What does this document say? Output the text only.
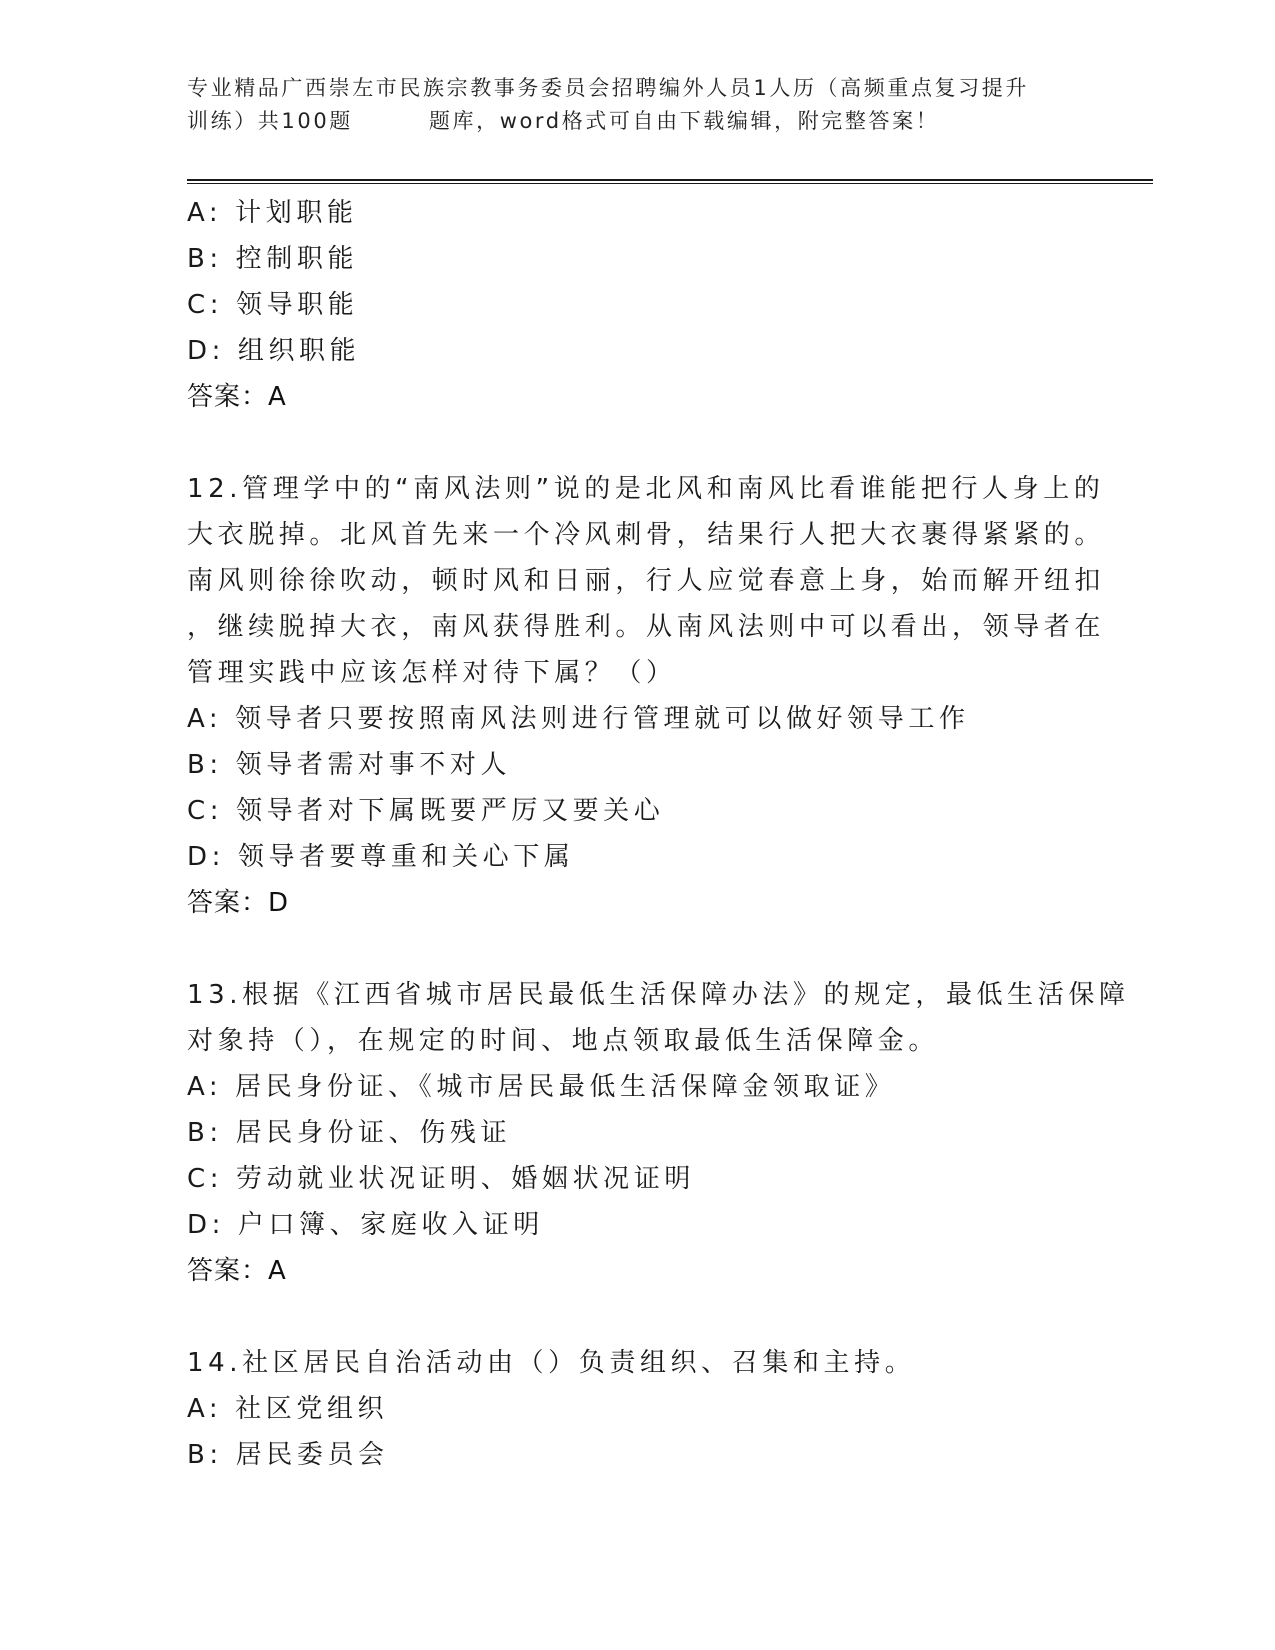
专业精品广西崇左市民族宗教事务委员会招聘编外人员1人历（高频重点复习提升
训练）共100题	题库，word格式可自由下载编辑，附完整答案！
A: 计划职能
B: 控制职能
C: 领导职能
D: 组织职能
答案：A
12.管理学中的“南风法则”说的是北风和南风比看谁能把行人身上的
大衣脱掉。北风首先来一个冷风刺骨，结果行人把大衣裹得紧紧的。
南风则徐徐吹动，顿时风和日丽，行人应觉春意上身，始而解开纽扣
，继续脱掉大衣，南风获得胜利。从南风法则中可以看出，领导者在
管理实践中应该怎样对待下属？（）
A: 领导者只要按照南风法则进行管理就可以做好领导工作
B: 领导者需对事不对人
C: 领导者对下属既要严厉又要关心
D: 领导者要尊重和关心下属
答案：D
13.根据《江西省城市居民最低生活保障办法》的规定，最低生活保障
对象持（），在规定的时间、地点领取最低生活保障金。
A: 居民身份证、《城市居民最低生活保障金领取证》
B: 居民身份证、伤残证
C: 劳动就业状况证明、婚姻状况证明
D: 户口簿、家庭收入证明
答案：A
14.社区居民自治活动由（）负责组织、召集和主持。
A: 社区党组织
B: 居民委员会
